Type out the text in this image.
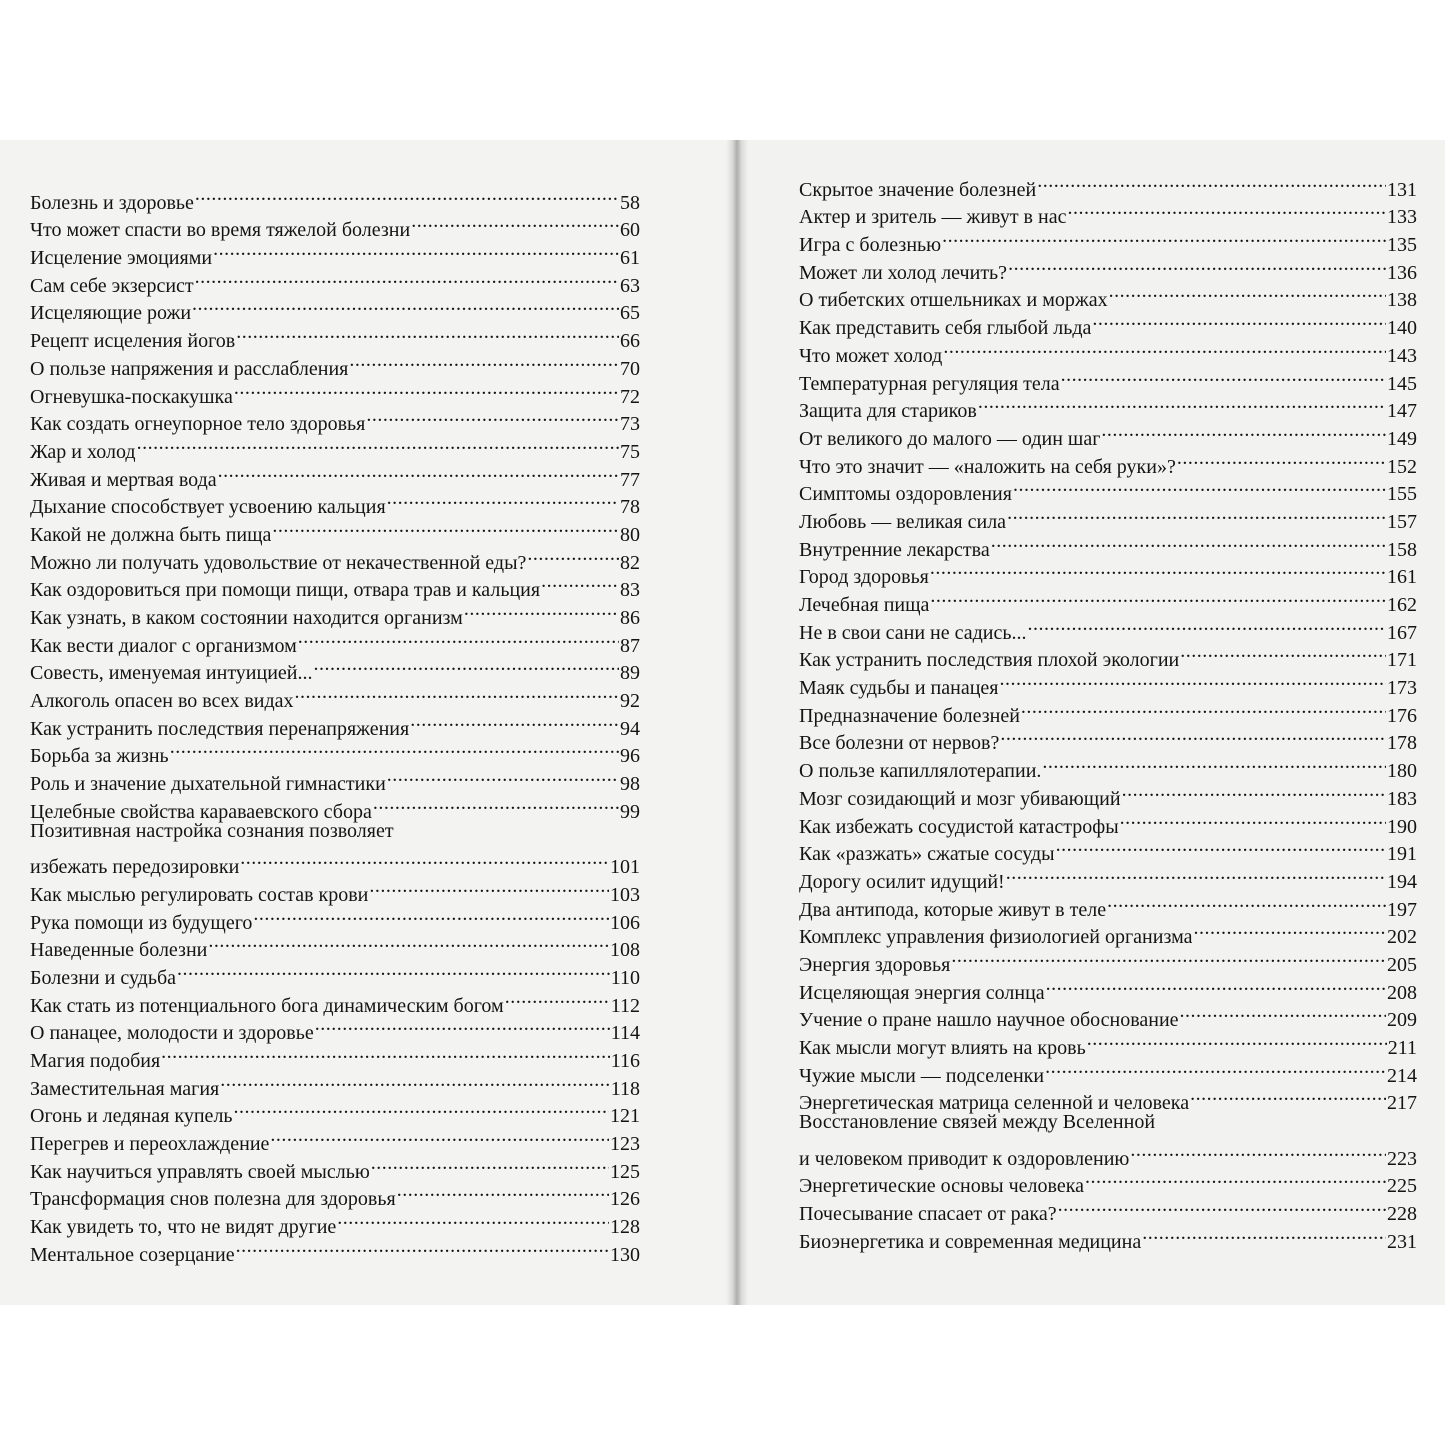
Болезнь и здоровье .....	58
Что может спасти во время тяжелой болезни .....	60
Исцеление эмоциями .....	61
Сам себе экзерсист .....	63
Исцеляющие рожи .....	65
Рецепт исцеления йогов .....	66
О пользе напряжения и расслабления .....	70
Огневушка-поскакушка .....	72
Как создать огнеупорное тело здоровья .....	73
Жар и холод .....	75
Живая и мертвая вода .....	77
Дыхание способствует усвоению кальция .....	78
Какой не должна быть пища .....	80
Можно ли получать удовольствие от некачественной еды? .....	82
Как оздоровиться при помощи пищи, отвара трав и кальция .....	83
Как узнать, в каком состоянии находится организм .....	86
Как вести диалог с организмом .....	87
Совесть, именуемая интуицией... .....	89
Алкоголь опасен во всех видах .....	92
Как устранить последствия перенапряжения .....	94
Борьба за жизнь .....	96
Роль и значение дыхательной гимнастики .....	98
Целебные свойства караваевского сбора .....	99
Позитивная настройка сознания позволяет
избежать передозировки .....	101
Как мыслью регулировать состав крови .....	103
Рука помощи из будущего .....	106
Наведенные болезни .....	108
Болезни и судьба .....	110
Как стать из потенциального бога динамическим богом .....	112
О панацее, молодости и здоровье .....	114
Магия подобия .....	116
Заместительная магия .....	118
Огонь и ледяная купель .....	121
Перегрев и переохлаждение .....	123
Как научиться управлять своей мыслью .....	125
Трансформация снов полезна для здоровья .....	126
Как увидеть то, что не видят другие .....	128
Ментальное созерцание .....	130
Скрытое значение болезней .....	131
Актер и зритель — живут в нас .....	133
Игра с болезнью .....	135
Может ли холод лечить? .....	136
О тибетских отшельниках и моржах .....	138
Как представить себя глыбой льда .....	140
Что может холод .....	143
Температурная регуляция тела .....	145
Защита для стариков .....	147
От великого до малого — один шаг .....	149
Что это значит — «наложить на себя руки»? .....	152
Симптомы оздоровления .....	155
Любовь — великая сила .....	157
Внутренние лекарства .....	158
Город здоровья .....	161
Лечебная пища .....	162
Не в свои сани не садись... .....	167
Как устранить последствия плохой экологии .....	171
Маяк судьбы и панацея .....	173
Предназначение болезней .....	176
Все болезни от нервов? .....	178
О пользе капиллялотерапии. .....	180
Мозг созидающий и мозг убивающий .....	183
Как избежать сосудистой катастрофы .....	190
Как «разжать» сжатые сосуды .....	191
Дорогу осилит идущий! .....	194
Два антипода, которые живут в теле .....	197
Комплекс управления физиологией организма .....	202
Энергия здоровья .....	205
Исцеляющая энергия солнца .....	208
Учение о пране нашло научное обоснование .....	209
Как мысли могут влиять на кровь .....	211
Чужие мысли — подселенки .....	214
Энергетическая матрица селенной и человека .....	217
Восстановление связей между Вселенной
и человеком приводит к оздоровлению .....	223
Энергетические основы человека .....	225
Почесывание спасает от рака? .....	228
Биоэнергетика и современная медицина .....	231
